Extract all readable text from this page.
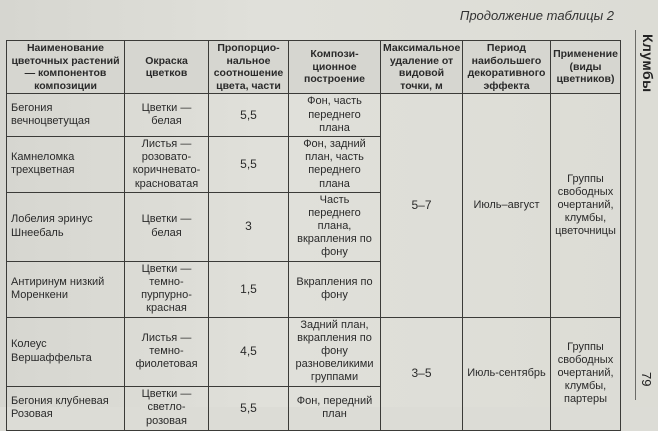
Продолжение таблицы 2
Клумбы
79
Наименование цветочных растений — компонентов композиции	Окраска цветков	Пропорцио-нальное соотношение цвета, части	Компози-ционное построение	Максимальное удаление от видовой точки, м	Период наибольшего декоративного эффекта	Применение (виды цветников)
Бегония вечноцветущая	Цветки — белая	5,5	Фон, часть переднего плана	5–7	Июль–август	Группы свободных очертаний, клумбы, цветочницы
Камнеломка трехцветная	Листья — розовато-коричневато-красноватая	5,5	Фон, задний план, часть переднего плана			
Лобелия эринус Шнеебаль	Цветки — белая	3	Часть переднего плана, вкрапления по фону			
Антиринум низкий Моренкени	Цветки — темно-пурпурно-красная	1,5	Вкрапления по фону			
Колеус Вершаффельта	Листья — темно-фиолетовая	4,5	Задний план, вкрапления по фону разновеликими группами	3–5	Июль-сентябрь	Группы свободных очертаний, клумбы, партеры
Бегония клубневая Розовая	Цветки — светло-розовая	5,5	Фон, передний план			
